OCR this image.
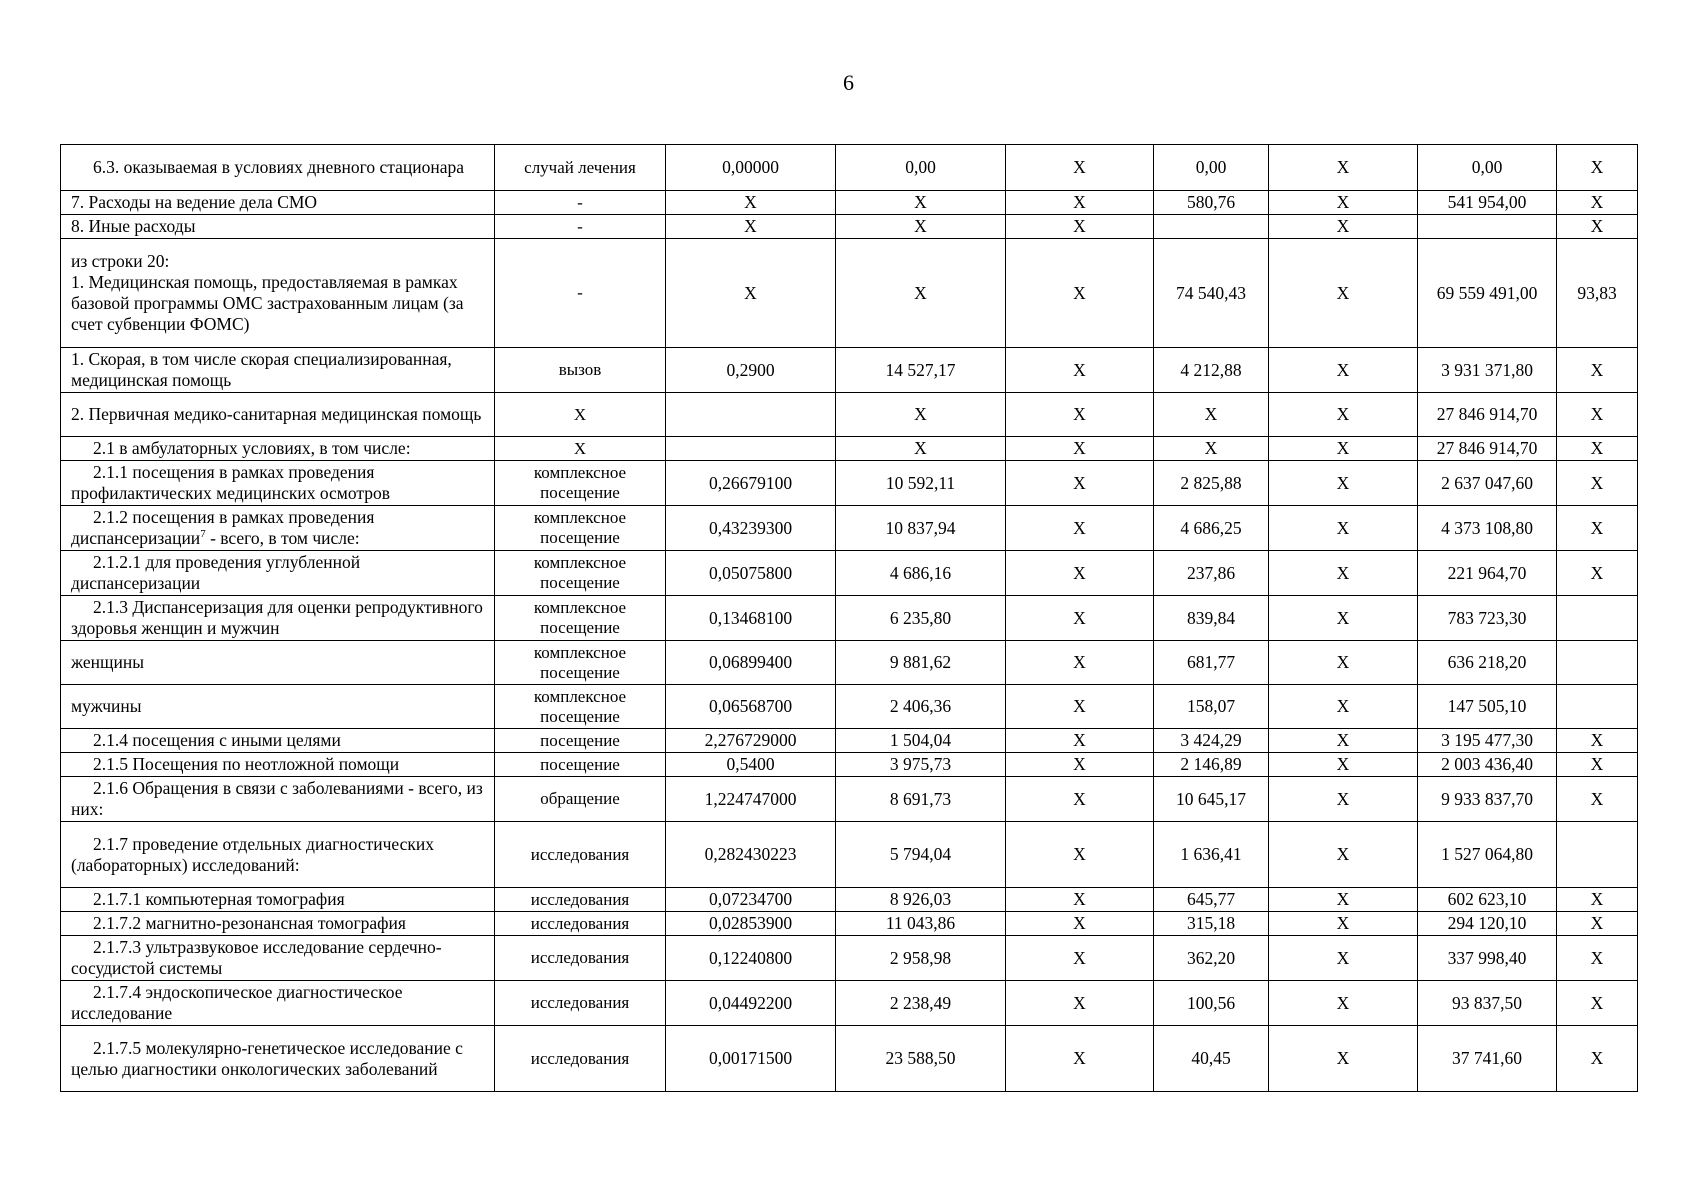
6
6.3. оказываемая в условиях дневного стационара	случай лечения	0,00000	0,00	Х	0,00	Х	0,00	Х
7. Расходы на ведение дела СМО	-	Х	Х	Х	580,76	Х	541 954,00	Х
8. Иные расходы	-	Х	Х	Х		Х		Х
из строки 20:
1. Медицинская помощь, предоставляемая в рамках базовой программы ОМС застрахованным лицам (за счет субвенции ФОМС)	-	Х	Х	Х	74 540,43	Х	69 559 491,00	93,83
1. Скорая, в том числе скорая специализированная, медицинская помощь	вызов	0,2900	14 527,17	Х	4 212,88	Х	3 931 371,80	Х
2. Первичная медико-санитарная медицинская помощь	Х		Х	Х	Х	Х	27 846 914,70	Х
2.1 в амбулаторных условиях, в том числе:	Х		Х	Х	Х	Х	27 846 914,70	Х
2.1.1 посещения в рамках проведения профилактических медицинских осмотров	комплексное посещение	0,26679100	10 592,11	Х	2 825,88	Х	2 637 047,60	Х
2.1.2 посещения в рамках проведения диспансеризации$^7$ - всего, в том числе:	комплексное посещение	0,43239300	10 837,94	Х	4 686,25	Х	4 373 108,80	Х
2.1.2.1 для проведения углубленной диспансеризации	комплексное посещение	0,05075800	4 686,16	Х	237,86	Х	221 964,70	Х
2.1.3 Диспансеризация для оценки репродуктивного здоровья женщин и мужчин	комплексное посещение	0,13468100	6 235,80	Х	839,84	Х	783 723,30	
женщины	комплексное посещение	0,06899400	9 881,62	Х	681,77	Х	636 218,20	
мужчины	комплексное посещение	0,06568700	2 406,36	Х	158,07	Х	147 505,10	
2.1.4 посещения с иными целями	посещение	2,276729000	1 504,04	Х	3 424,29	Х	3 195 477,30	Х
2.1.5 Посещения по неотложной помощи	посещение	0,5400	3 975,73	Х	2 146,89	Х	2 003 436,40	Х
2.1.6 Обращения в связи с заболеваниями - всего, из них:	обращение	1,224747000	8 691,73	Х	10 645,17	Х	9 933 837,70	Х
2.1.7 проведение отдельных диагностических (лабораторных) исследований:	исследования	0,282430223	5 794,04	Х	1 636,41	Х	1 527 064,80	
2.1.7.1 компьютерная томография	исследования	0,07234700	8 926,03	Х	645,77	Х	602 623,10	Х
2.1.7.2 магнитно-резонансная томография	исследования	0,02853900	11 043,86	Х	315,18	Х	294 120,10	Х
2.1.7.3 ультразвуковое исследование сердечно-сосудистой системы	исследования	0,12240800	2 958,98	Х	362,20	Х	337 998,40	Х
2.1.7.4 эндоскопическое диагностическое исследование	исследования	0,04492200	2 238,49	Х	100,56	Х	93 837,50	Х
2.1.7.5 молекулярно-генетическое исследование с целью диагностики онкологических заболеваний	исследования	0,00171500	23 588,50	Х	40,45	Х	37 741,60	Х
